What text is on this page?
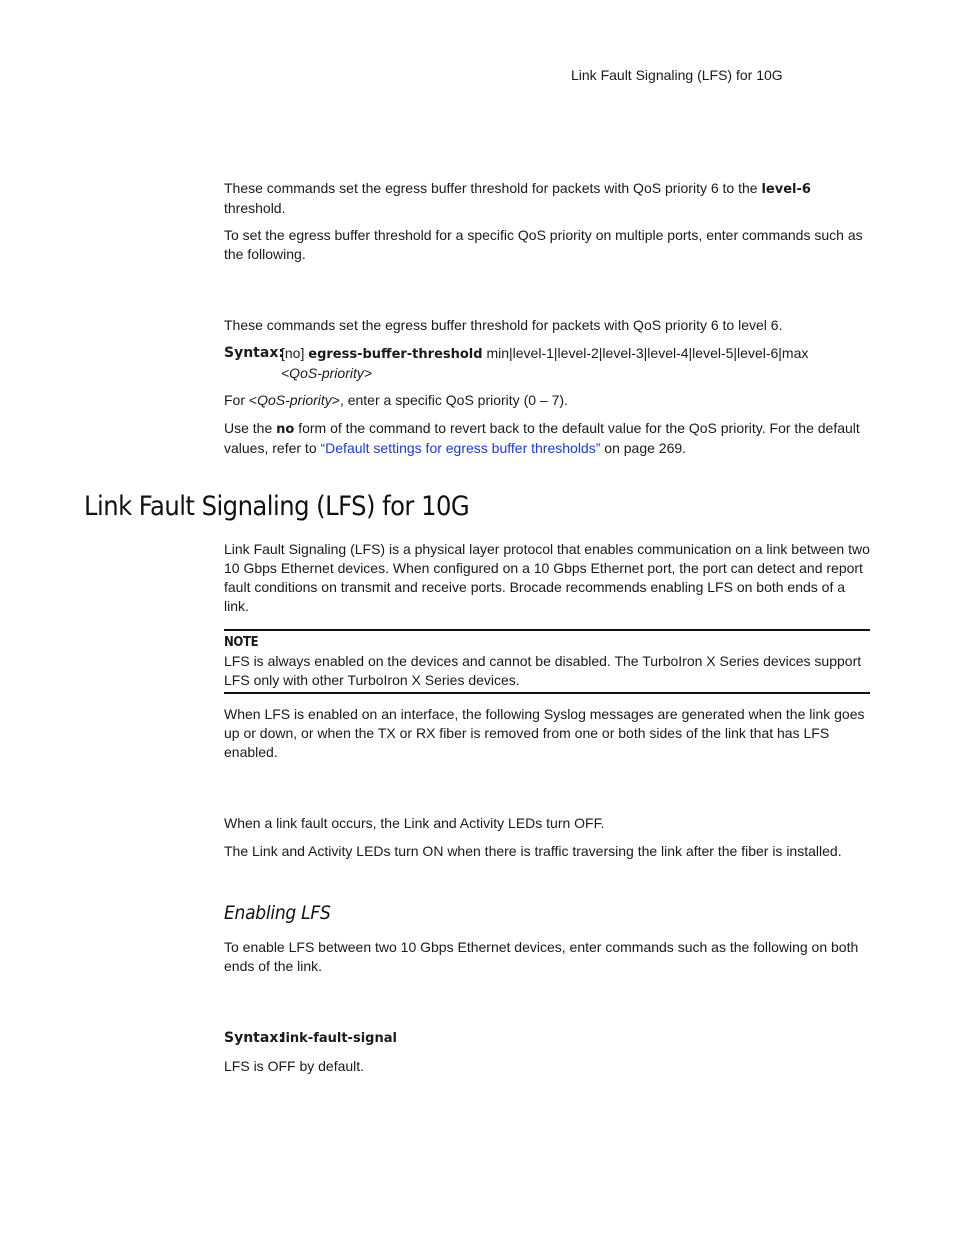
Link Fault Signaling (LFS) for 10G

These commands set the egress buffer threshold for packets with QoS priority 6 to the level-6 threshold.

To set the egress buffer threshold for a specific QoS priority on multiple ports, enter commands such as the following.

These commands set the egress buffer threshold for packets with QoS priority 6 to level 6.

Syntax:

[no] egress-buffer-threshold min|level-1|level-2|level-3|level-4|level-5|level-6|max
<QoS-priority>

For <QoS-priority>, enter a specific QoS priority (0 – 7).

Use the no form of the command to revert back to the default value for the QoS priority. For the default values, refer to “Default settings for egress buffer thresholds” on page 269.

Link Fault Signaling (LFS) for 10G

Link Fault Signaling (LFS) is a physical layer protocol that enables communication on a link between two 10 Gbps Ethernet devices. When configured on a 10 Gbps Ethernet port, the port can detect and report fault conditions on transmit and receive ports. Brocade recommends enabling LFS on both ends of a link.

NOTE

LFS is always enabled on the devices and cannot be disabled. The TurboIron X Series devices support LFS only with other TurboIron X Series devices.

When LFS is enabled on an interface, the following Syslog messages are generated when the link goes up or down, or when the TX or RX fiber is removed from one or both sides of the link that has LFS enabled.

When a link fault occurs, the Link and Activity LEDs turn OFF.

The Link and Activity LEDs turn ON when there is traffic traversing the link after the fiber is installed.

Enabling LFS

To enable LFS between two 10 Gbps Ethernet devices, enter commands such as the following on both ends of the link.

Syntax:
link-fault-signal

LFS is OFF by default.
